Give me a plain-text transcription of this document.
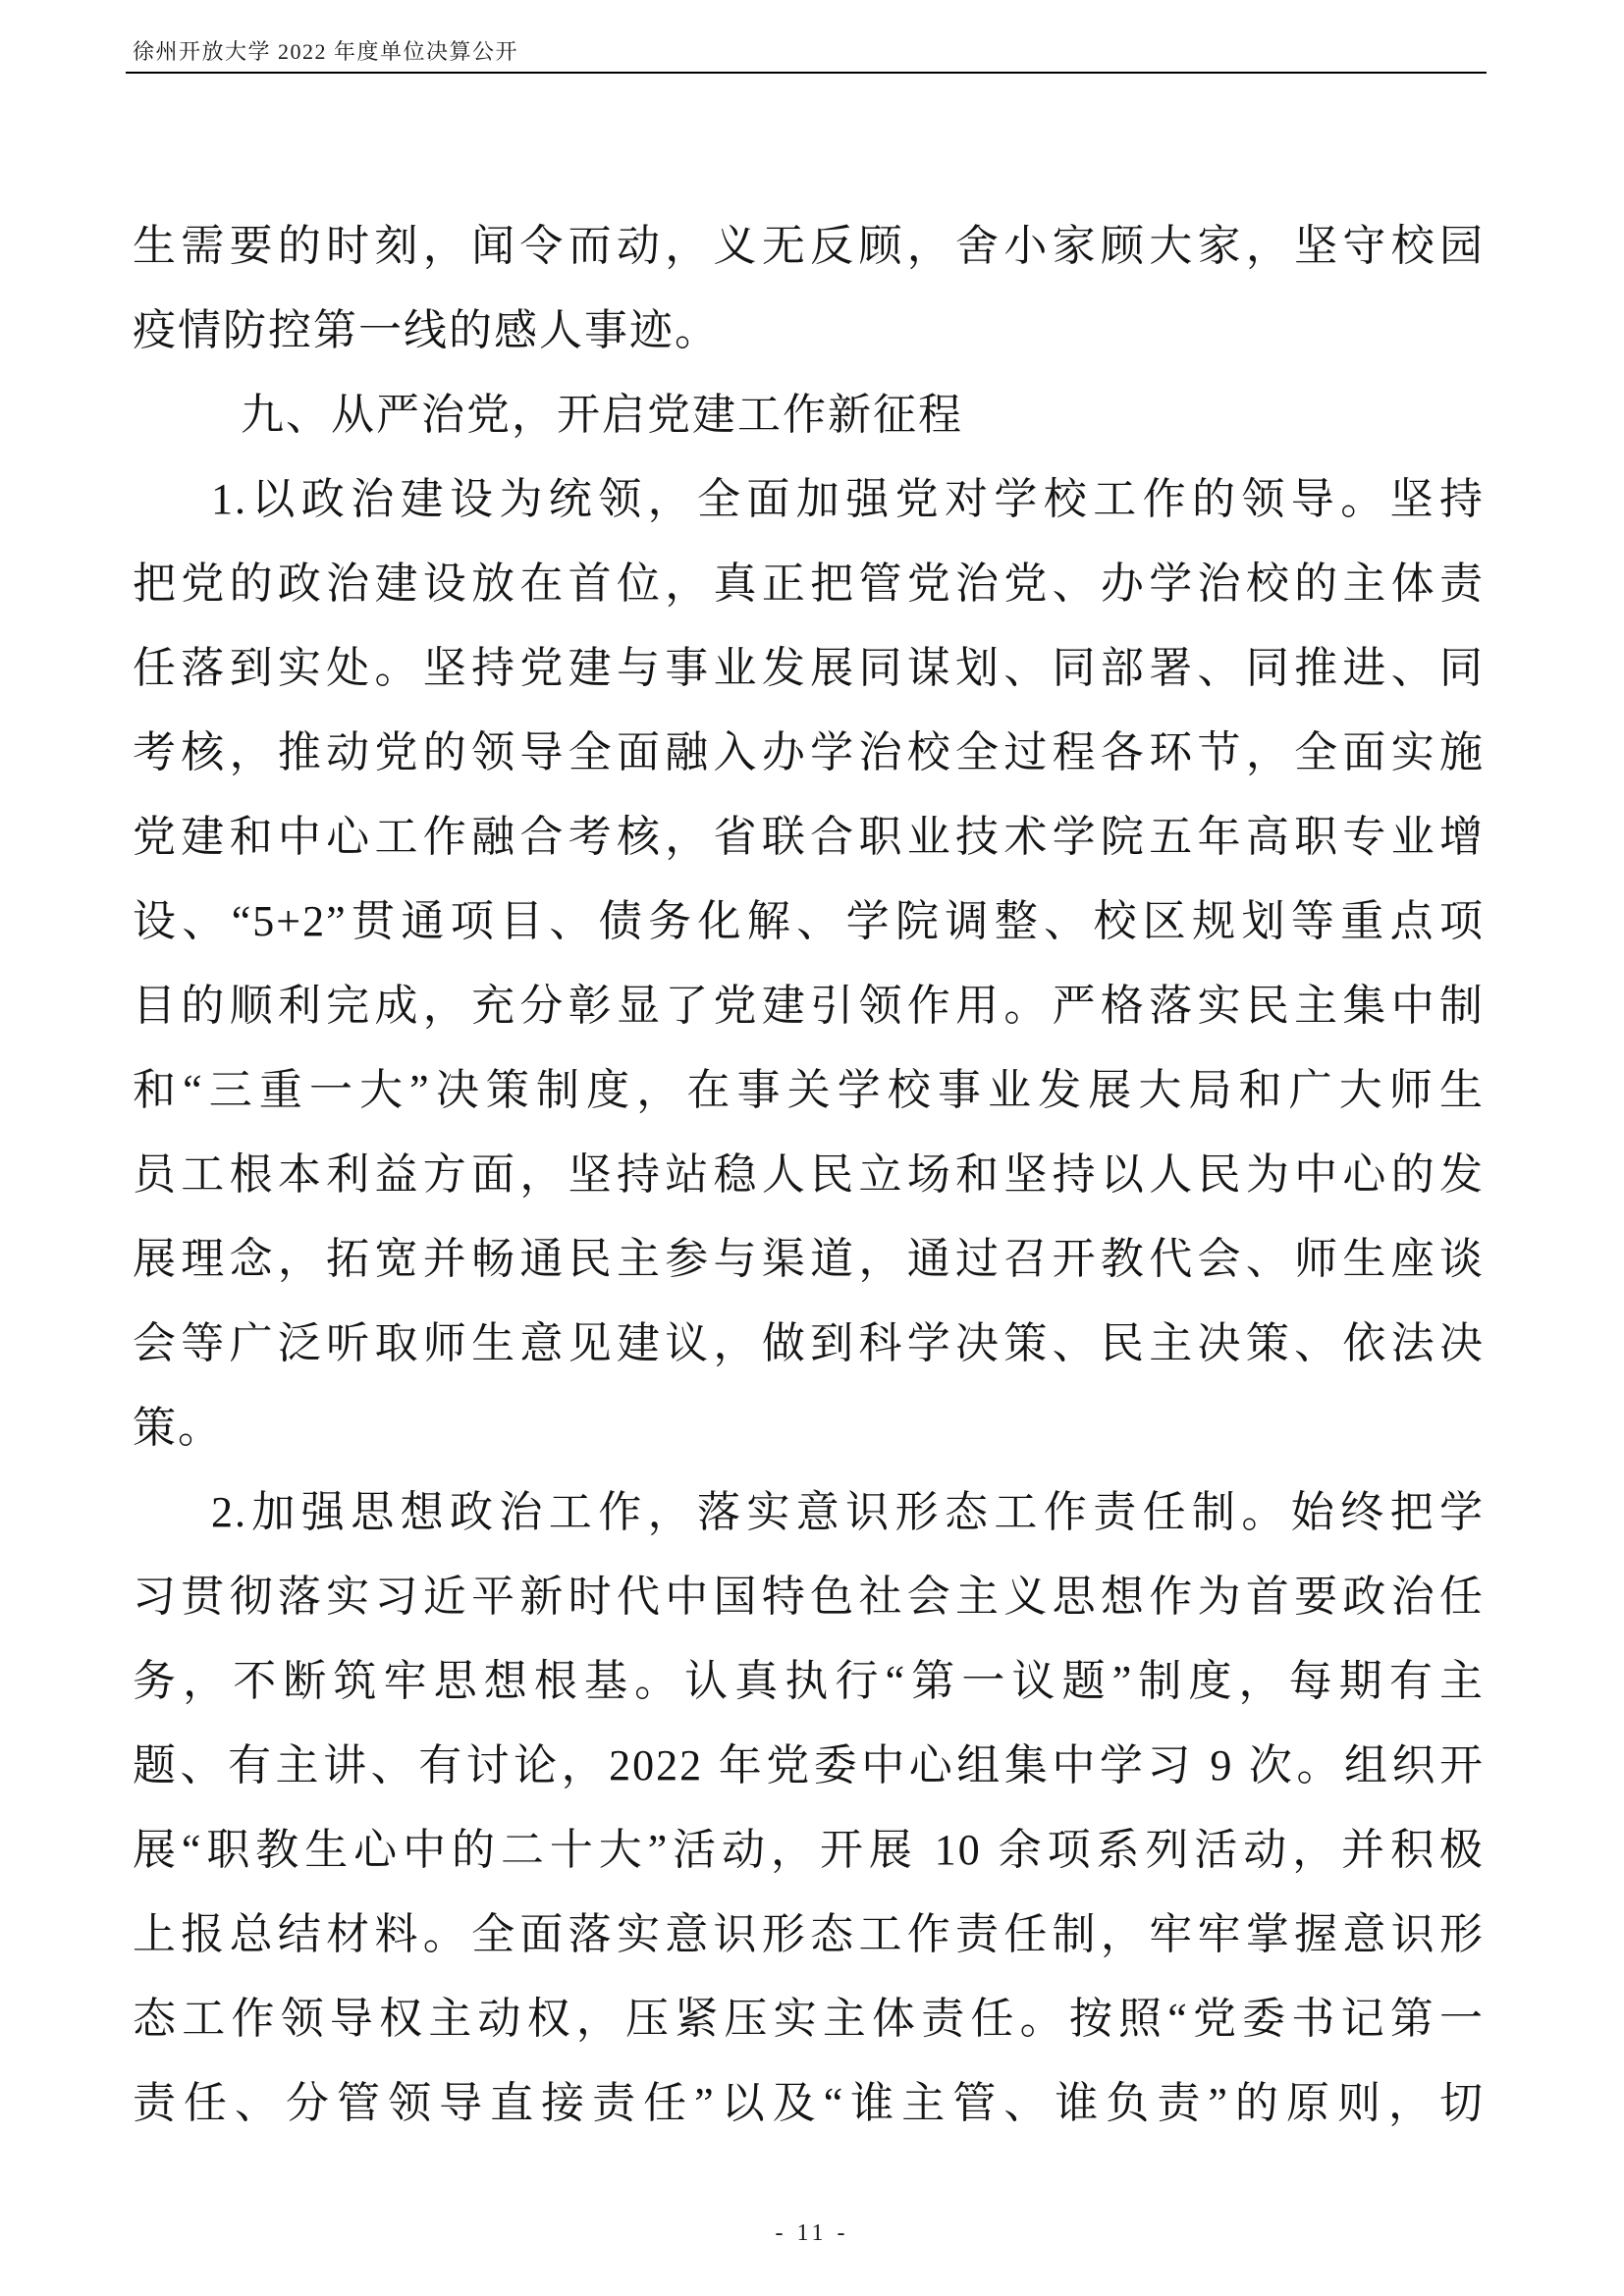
徐州开放大学 2022 年度单位决算公开

生需要的时刻，闻令而动，义无反顾，舍小家顾大家，坚守校园

疫情防控第一线的感人事迹。

九、从严治党，开启党建工作新征程

1.以政治建设为统领，全面加强党对学校工作的领导。坚持

把党的政治建设放在首位，真正把管党治党、办学治校的主体责

任落到实处。坚持党建与事业发展同谋划、同部署、同推进、同

考核，推动党的领导全面融入办学治校全过程各环节，全面实施

党建和中心工作融合考核，省联合职业技术学院五年高职专业增

设、“5+2”贯通项目、债务化解、学院调整、校区规划等重点项

目的顺利完成，充分彰显了党建引领作用。严格落实民主集中制

和“三重一大”决策制度，在事关学校事业发展大局和广大师生

员工根本利益方面，坚持站稳人民立场和坚持以人民为中心的发

展理念，拓宽并畅通民主参与渠道，通过召开教代会、师生座谈

会等广泛听取师生意见建议，做到科学决策、民主决策、依法决

策。

2.加强思想政治工作，落实意识形态工作责任制。始终把学

习贯彻落实习近平新时代中国特色社会主义思想作为首要政治任

务，不断筑牢思想根基。认真执行“第一议题”制度，每期有主

题、有主讲、有讨论，2022 年党委中心组集中学习 9 次。组织开

展“职教生心中的二十大”活动，开展 10 余项系列活动，并积极

上报总结材料。全面落实意识形态工作责任制，牢牢掌握意识形

态工作领导权主动权，压紧压实主体责任。按照“党委书记第一

责任、分管领导直接责任”以及“谁主管、谁负责”的原则，切

- 11 -
